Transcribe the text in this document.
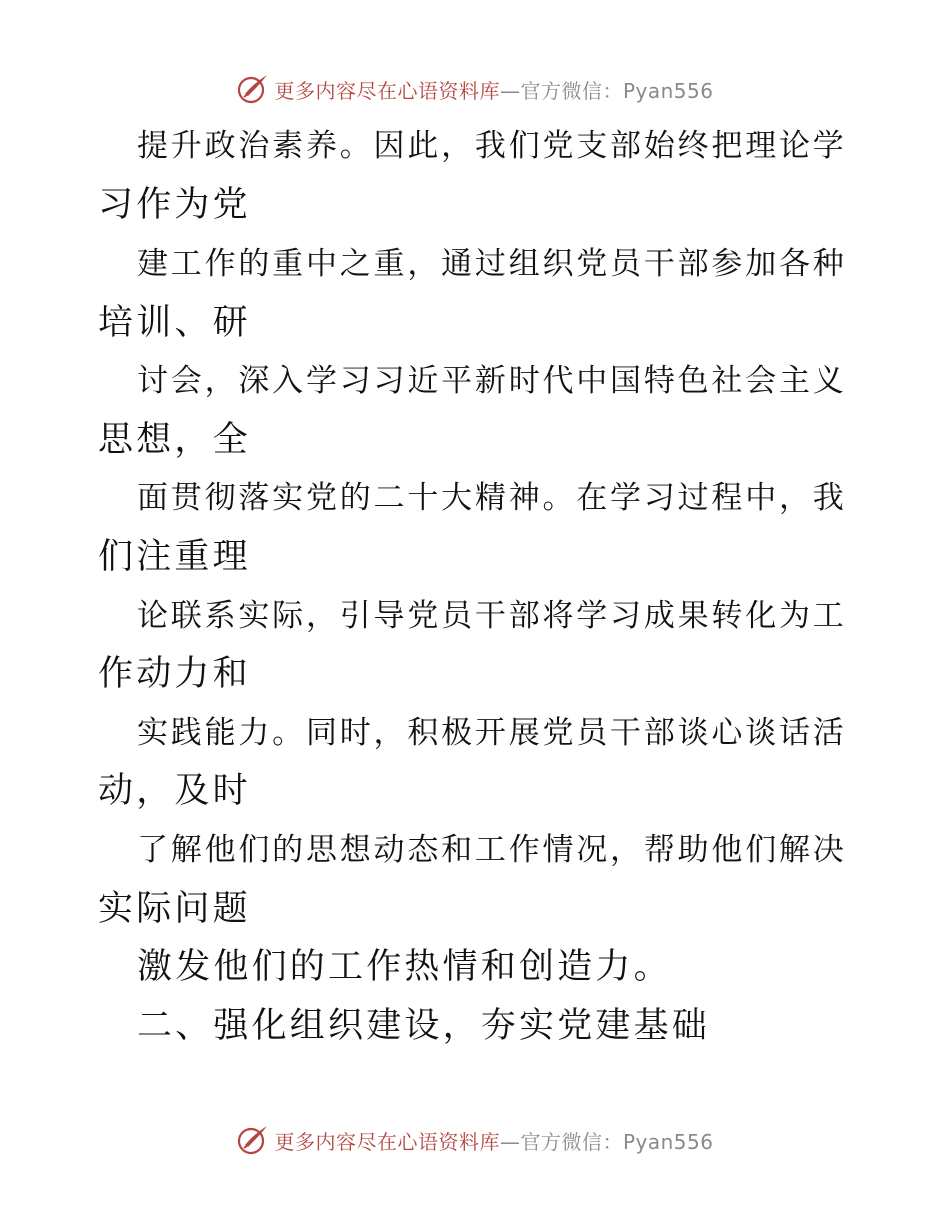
更多内容尽在心语资料库—官方微信：Pyan556
提升政治素养。因此，我们党支部始终把理论学
习作为党
建工作的重中之重，通过组织党员干部参加各种
培训、研
讨会，深入学习习近平新时代中国特色社会主义
思想，全
面贯彻落实党的二十大精神。在学习过程中，我
们注重理
论联系实际，引导党员干部将学习成果转化为工
作动力和
实践能力。同时，积极开展党员干部谈心谈话活
动，及时
了解他们的思想动态和工作情况，帮助他们解决
实际问题
激发他们的工作热情和创造力。
二、强化组织建设，夯实党建基础
更多内容尽在心语资料库—官方微信：Pyan556
